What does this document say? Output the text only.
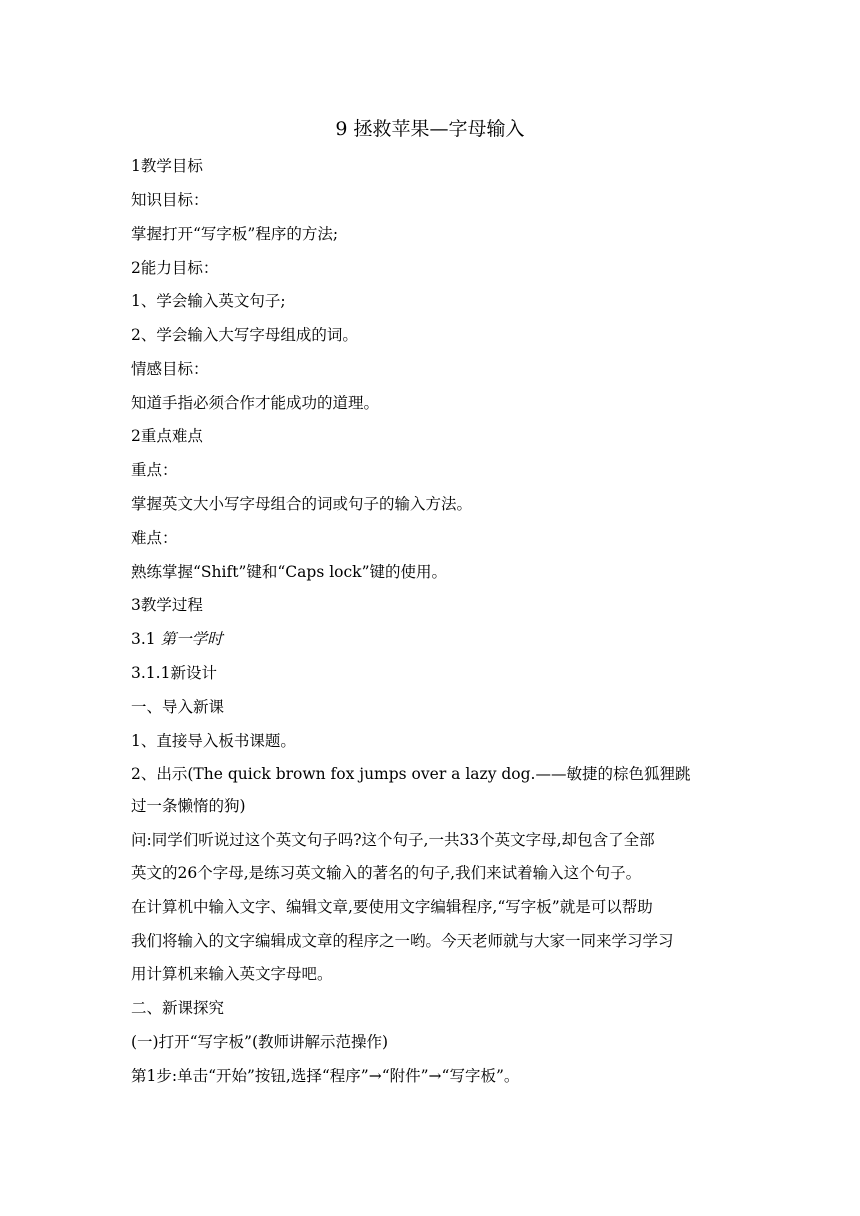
9 拯救苹果—字母输入
1教学目标
知识目标：
掌握打开“写字板”程序的方法;
2能力目标：
1、学会输入英文句子;
2、学会输入大写字母组成的词。
情感目标：
知道手指必须合作才能成功的道理。
2重点难点
重点：
掌握英文大小写字母组合的词或句子的输入方法。
难点：
熟练掌握“Shift”键和“Caps lock”键的使用。
3教学过程
3.1 第一学时
3.1.1新设计
一、导入新课
1、直接导入板书课题。
2、出示(The quick brown fox jumps over a lazy dog.——敏捷的棕色狐狸跳
过一条懒惰的狗)
问:同学们听说过这个英文句子吗?这个句子,一共33个英文字母,却包含了全部
英文的26个字母,是练习英文输入的著名的句子,我们来试着输入这个句子。
在计算机中输入文字、编辑文章,要使用文字编辑程序,“写字板”就是可以帮助
我们将输入的文字编辑成文章的程序之一哟。今天老师就与大家一同来学习学习
用计算机来输入英文字母吧。
二、新课探究
(一)打开“写字板”(教师讲解示范操作)
第1步:单击“开始”按钮,选择“程序”→“附件”→“写字板”。
